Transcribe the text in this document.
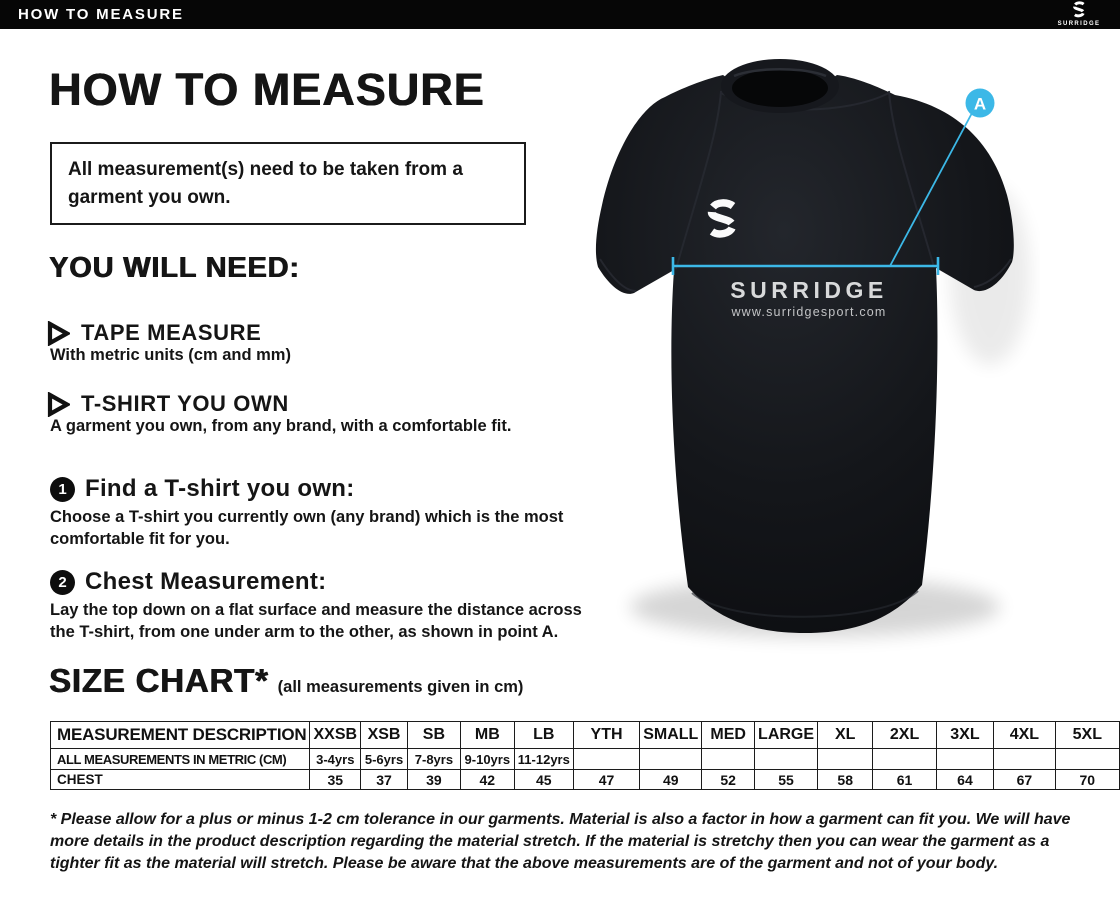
HOW TO MEASURE
SURRIDGE
HOW TO MEASURE
All measurement(s) need to be taken from a garment you own.
YOU WILL NEED:
TAPE MEASURE
With metric units (cm and mm)
T-SHIRT YOU OWN
A garment you own, from any brand, with a comfortable fit.
1 Find a T-shirt you own:
Choose a T-shirt you currently own (any brand) which is the most comfortable fit for you.
2 Chest Measurement:
Lay the top down on a flat surface and measure the distance across the T-shirt, from one under arm to the other, as shown in point A.
SIZE CHART* (all measurements given in cm)
MEASUREMENT DESCRIPTION	XXSB	XSB	SB	MB	LB	YTH	SMALL	MED	LARGE	XL	2XL	3XL	4XL	5XL
ALL MEASUREMENTS IN METRIC (CM)	3-4yrs	5-6yrs	7-8yrs	9-10yrs	11-12yrs									
CHEST	35	37	39	42	45	47	49	52	55	58	61	64	67	70
* Please allow for a plus or minus 1-2 cm tolerance in our garments. Material is also a factor in how a garment can fit you. We will have more details in the product description regarding the material stretch. If the material is stretchy then you can wear the garment as a tighter fit as the material will stretch. Please be aware that the above measurements are of the garment and not of your body.
SURRIDGE
www.surridgesport.com
A
